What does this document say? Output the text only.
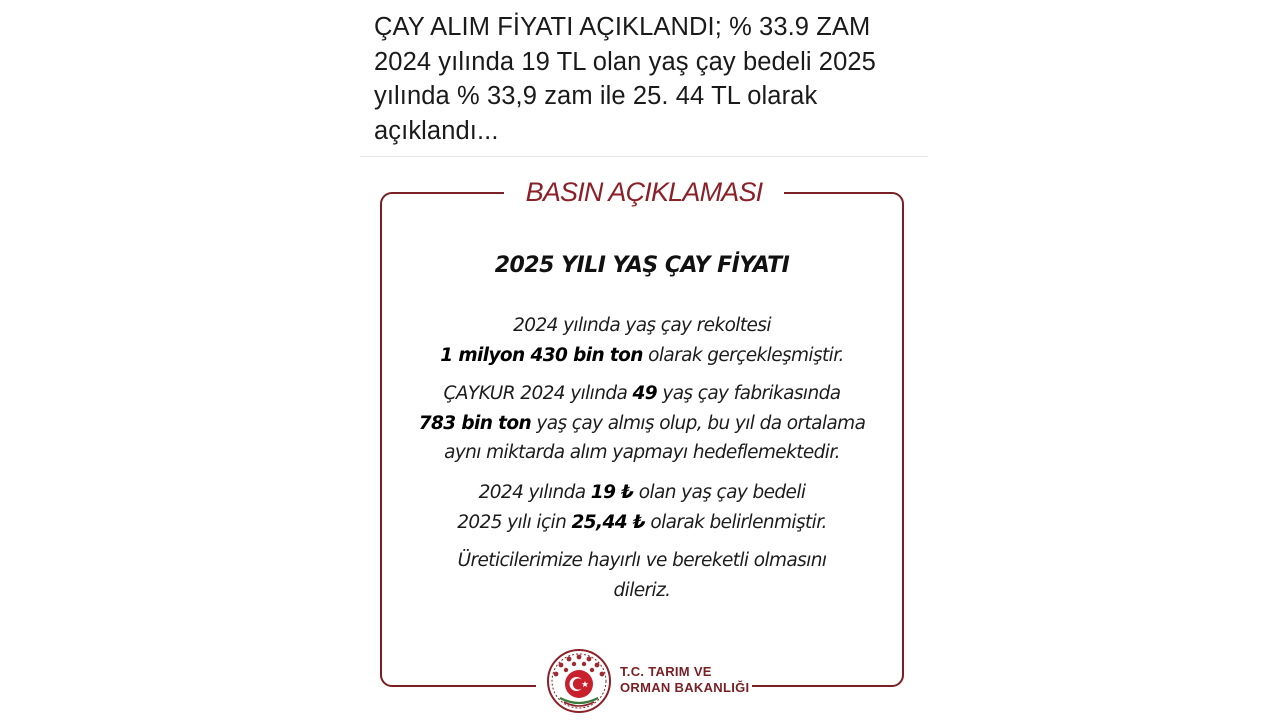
ÇAY ALIM FİYATI AÇIKLANDI; % 33.9 ZAM
2024 yılında 19 TL olan yaş çay bedeli 2025
yılında % 33,9 zam ile 25. 44 TL olarak
açıklandı...
BASIN AÇIKLAMASI
2025 YILI YAŞ ÇAY FİYATI
2024 yılında yaş çay rekoltesi
1 milyon 430 bin ton olarak gerçekleşmiştir.
ÇAYKUR 2024 yılında 49 yaş çay fabrikasında
783 bin ton yaş çay almış olup, bu yıl da ortalama
aynı miktarda alım yapmayı hedeflemektedir.
2024 yılında 19 ₺ olan yaş çay bedeli
2025 yılı için 25,44 ₺ olarak belirlenmiştir.
Üreticilerimize hayırlı ve bereketli olmasını
dileriz.
T.C. TARIM VE
ORMAN BAKANLIĞI
